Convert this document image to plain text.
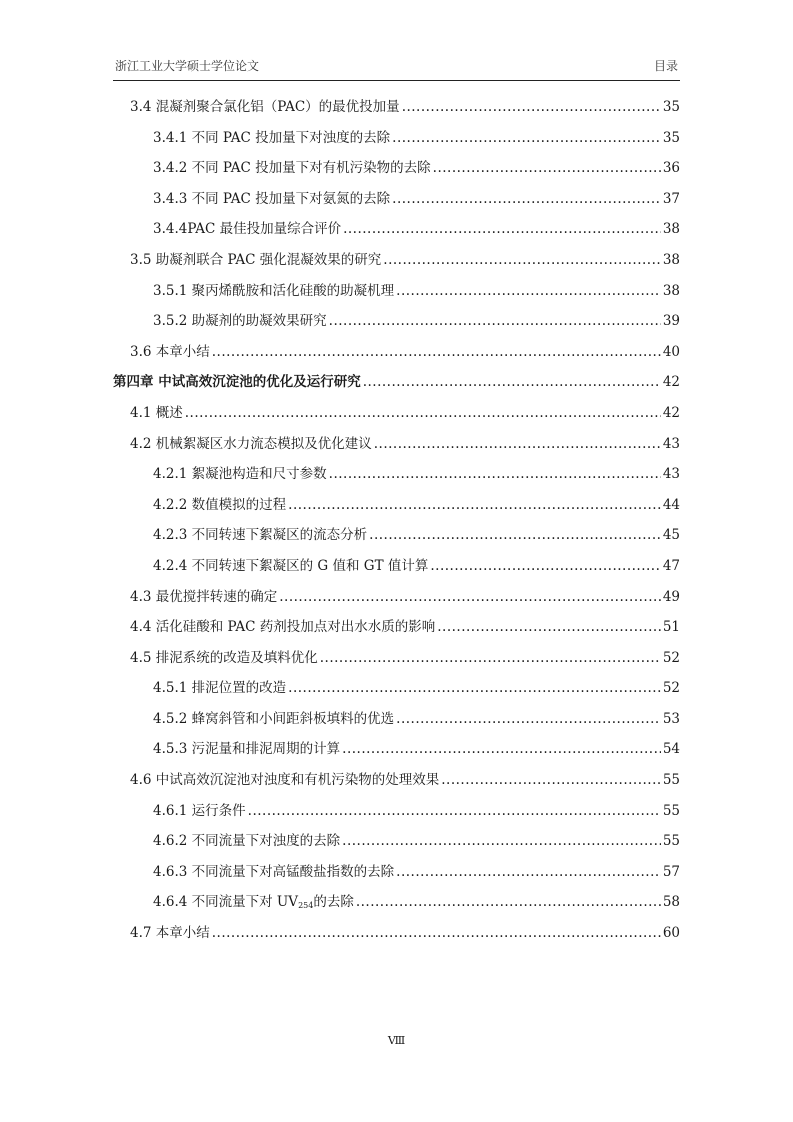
浙江工业大学硕士学位论文	目录
3.4 混凝剂聚合氯化铝（PAC）的最优投加量 .....	35
3.4.1 不同 PAC 投加量下对浊度的去除 .....	35
3.4.2 不同 PAC 投加量下对有机污染物的去除 .....	36
3.4.3 不同 PAC 投加量下对氨氮的去除 .....	37
3.4.4PAC 最佳投加量综合评价 .....	38
3.5 助凝剂联合 PAC 强化混凝效果的研究 .....	38
3.5.1 聚丙烯酰胺和活化硅酸的助凝机理 .....	38
3.5.2 助凝剂的助凝效果研究 .....	39
3.6 本章小结 .....	40
第四章 中试高效沉淀池的优化及运行研究 .....	42
4.1 概述 .....	42
4.2 机械絮凝区水力流态模拟及优化建议 .....	43
4.2.1 絮凝池构造和尺寸参数 .....	43
4.2.2 数值模拟的过程 .....	44
4.2.3 不同转速下絮凝区的流态分析 .....	45
4.2.4 不同转速下絮凝区的 G 值和 GT 值计算 .....	47
4.3 最优搅拌转速的确定 .....	49
4.4 活化硅酸和 PAC 药剂投加点对出水水质的影响 .....	51
4.5 排泥系统的改造及填料优化 .....	52
4.5.1 排泥位置的改造 .....	52
4.5.2 蜂窝斜管和小间距斜板填料的优选 .....	53
4.5.3 污泥量和排泥周期的计算 .....	54
4.6 中试高效沉淀池对浊度和有机污染物的处理效果 .....	55
4.6.1 运行条件 .....	55
4.6.2 不同流量下对浊度的去除 .....	55
4.6.3 不同流量下对高锰酸盐指数的去除 .....	57
4.6.4 不同流量下对 UV254的去除 .....	58
4.7 本章小结 .....	60
Ⅷ
